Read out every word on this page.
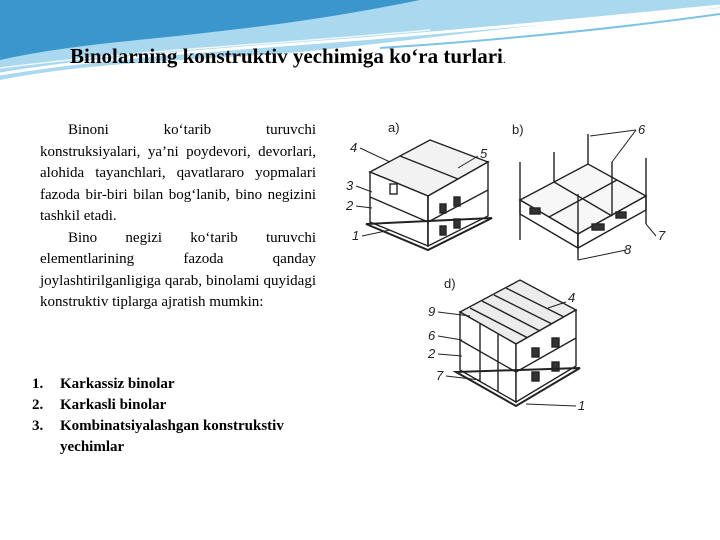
Binolarning konstruktiv yechimiga ko‘ra turlari.

Binoni ko‘tarib turuvchi konstruksiyalari, ya’ni poydevori, devorlari, alohida tayanchlari, qavatlararo yopmalari fazoda bir-biri bilan bog‘lanib, bino negizini tashkil etadi.

Bino negizi ko‘tarib turuvchi elementlarining fazoda qanday joylashtirilganligiga qarab, binolami quyidagi konstruktiv tiplarga ajratish mumkin:

1.	Karkassiz binolar
2.	Karkasli binolar
3.	Kombinatsiyalashgan konstrukstiv yechimlar
a)	b)
d)
4	5
3
2
1
6
7
8
9
4
6
2
7
1
